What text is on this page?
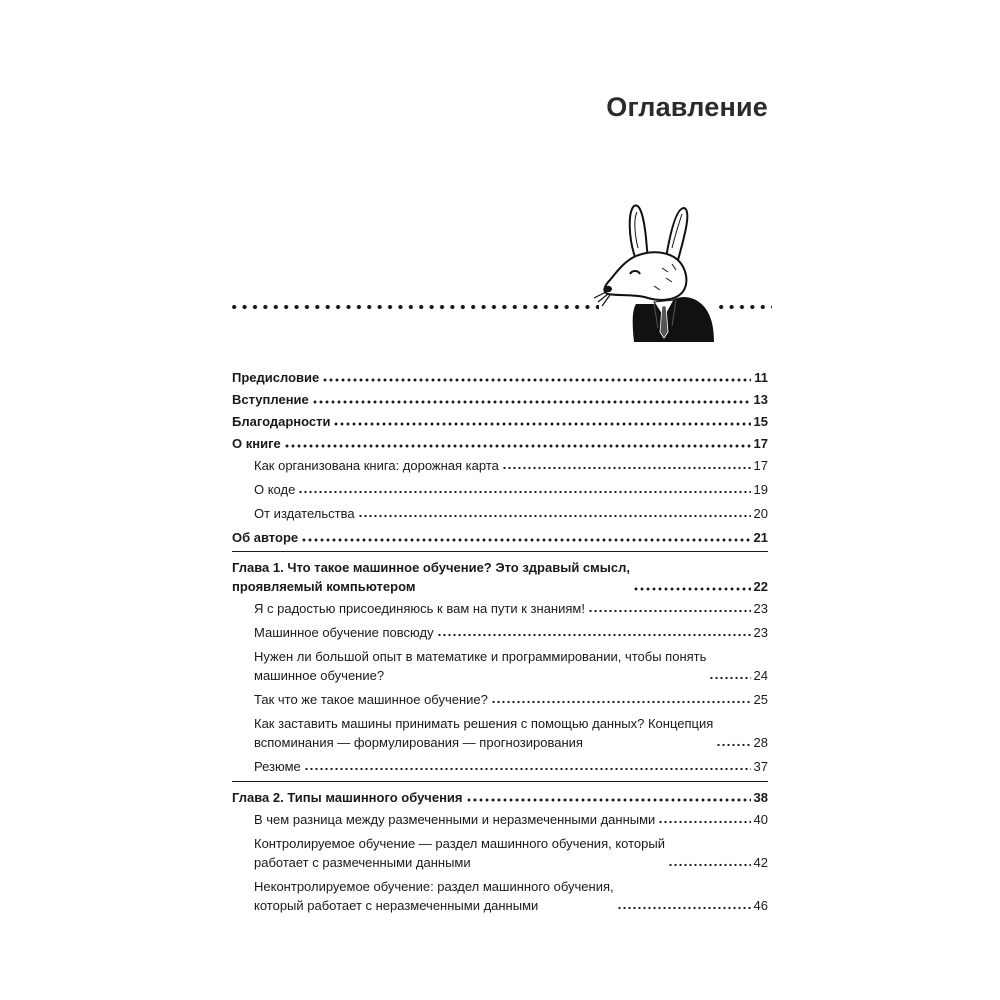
Оглавление
Предисловие	11
Вступление	13
Благодарности	15
О книге	17
Как организована книга: дорожная карта	17
О коде	19
От издательства	20
Об авторе	21
Глава 1. Что такое машинное обучение? Это здравый смысл,
проявляемый компьютером	22
Я с радостью присоединяюсь к вам на пути к знаниям!	23
Машинное обучение повсюду	23
Нужен ли большой опыт в математике и программировании, чтобы понять
машинное обучение?	24
Так что же такое машинное обучение?	25
Как заставить машины принимать решения с помощью данных? Концепция
вспоминания — формулирования — прогнозирования	28
Резюме	37
Глава 2. Типы машинного обучения	38
В чем разница между размеченными и неразмеченными данными	40
Контролируемое обучение — раздел машинного обучения, который
работает с размеченными данными	42
Неконтролируемое обучение: раздел машинного обучения,
который работает с неразмеченными данными	46
